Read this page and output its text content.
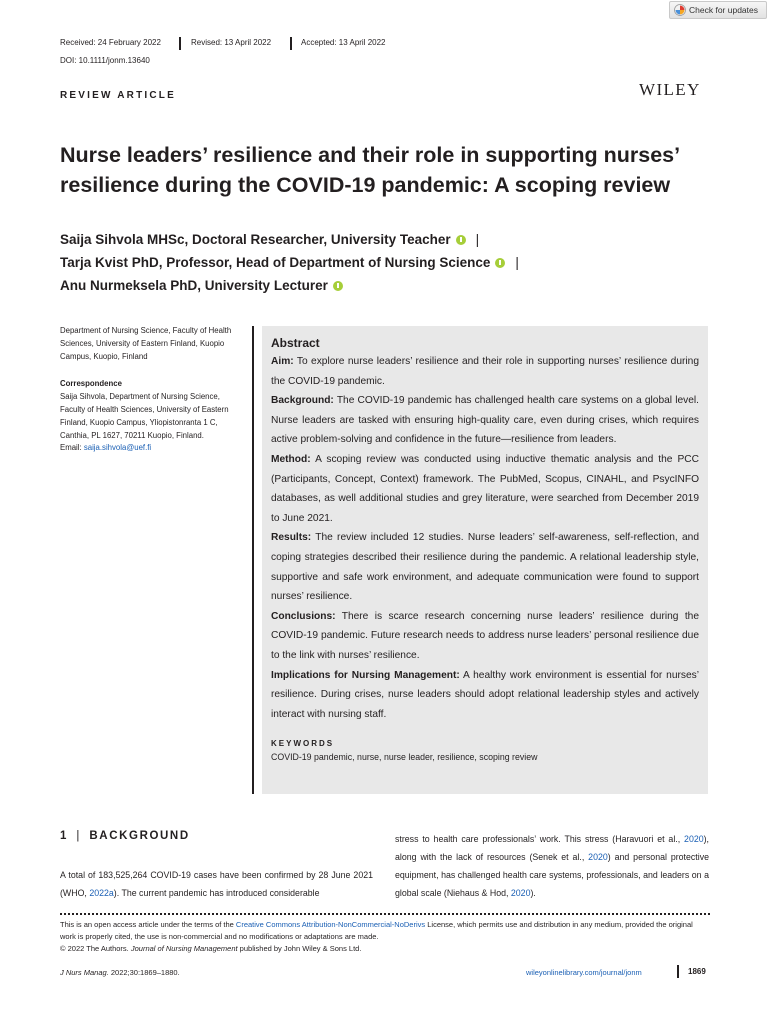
Check for updates
Received: 24 February 2022	Revised: 13 April 2022	Accepted: 13 April 2022
DOI: 10.1111/jonm.13640
REVIEW ARTICLE	WILEY
Nurse leaders’ resilience and their role in supporting nurses’ resilience during the COVID-19 pandemic: A scoping review
Saija Sihvola MHSc, Doctoral Researcher, University Teacher |
Tarja Kvist PhD, Professor, Head of Department of Nursing Science |
Anu Nurmeksela PhD, University Lecturer

Department of Nursing Science, Faculty of Health Sciences, University of Eastern Finland, Kuopio Campus, Kuopio, Finland

Correspondence

Saija Sihvola, Department of Nursing Science, Faculty of Health Sciences, University of Eastern Finland, Kuopio Campus, Yliopistonranta 1 C, Canthia, PL 1627, 70211 Kuopio, Finland.

Email: saija.sihvola@uef.fi

Abstract

Aim: To explore nurse leaders’ resilience and their role in supporting nurses’ resilience during the COVID-19 pandemic.

Background: The COVID-19 pandemic has challenged health care systems on a global level. Nurse leaders are tasked with ensuring high-quality care, even during crises, which requires active problem-solving and confidence in the future—resilience from leaders.

Method: A scoping review was conducted using inductive thematic analysis and the PCC (Participants, Concept, Context) framework. The PubMed, Scopus, CINAHL, and PsycINFO databases, as well additional studies and grey literature, were searched from December 2019 to June 2021.

Results: The review included 12 studies. Nurse leaders’ self-awareness, self-reflection, and coping strategies described their resilience during the pandemic. A relational leadership style, supportive and safe work environment, and adequate communication were found to support nurses’ resilience.

Conclusions: There is scarce research concerning nurse leaders’ resilience during the COVID-19 pandemic. Future research needs to address nurse leaders’ personal resilience due to the link with nurses’ resilience.

Implications for Nursing Management: A healthy work environment is essential for nurses’ resilience. During crises, nurse leaders should adopt relational leadership styles and actively interact with nursing staff.

KEYWORDS
COVID-19 pandemic, nurse, nurse leader, resilience, scoping review
1 | BACKGROUND

A total of 183,525,264 COVID-19 cases have been confirmed by 28 June 2021 (WHO, 2022a). The current pandemic has introduced considerable

stress to health care professionals’ work. This stress (Haravuori et al., 2020), along with the lack of resources (Senek et al., 2020) and personal protective equipment, has challenged health care systems, professionals, and leaders on a global scale (Niehaus & Hod, 2020).

This is an open access article under the terms of the Creative Commons Attribution-NonCommercial-NoDerivs License, which permits use and distribution in any medium, provided the original work is properly cited, the use is non-commercial and no modifications or adaptations are made.
© 2022 The Authors. Journal of Nursing Management published by John Wiley & Sons Ltd.

J Nurs Manag. 2022;30:1869–1880.	wileyonlinelibrary.com/journal/jonm	1869
